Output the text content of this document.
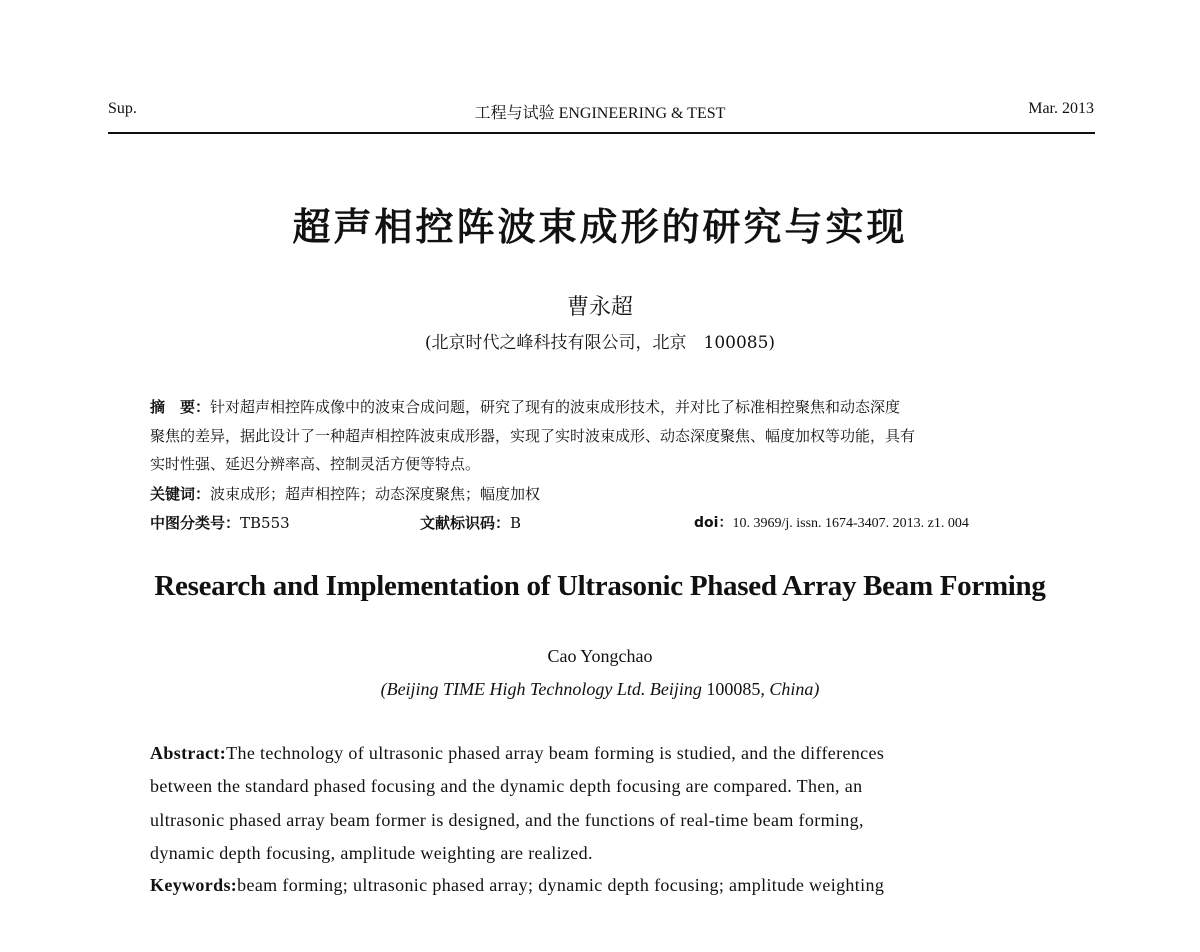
Sup.	工程与试验 ENGINEERING & TEST	Mar. 2013
超声相控阵波束成形的研究与实现
曹永超
(北京时代之峰科技有限公司，北京　100085)
摘　要：针对超声相控阵成像中的波束合成问题，研究了现有的波束成形技术，并对比了标准相控聚焦和动态深度
聚焦的差异，据此设计了一种超声相控阵波束成形器，实现了实时波束成形、动态深度聚焦、幅度加权等功能，具有
实时性强、延迟分辨率高、控制灵活方便等特点。
关键词：波束成形；超声相控阵；动态深度聚焦；幅度加权
中图分类号：TB553	文献标识码：B	doi：10. 3969/j. issn. 1674-3407. 2013. z1. 004
Research and Implementation of Ultrasonic Phased Array Beam Forming
Cao Yongchao
(Beijing TIME High Technology Ltd. Beijing 100085, China)
Abstract:The technology of ultrasonic phased array beam forming is studied, and the differences
between the standard phased focusing and the dynamic depth focusing are compared. Then, an
ultrasonic phased array beam former is designed, and the functions of real-time beam forming,
dynamic depth focusing, amplitude weighting are realized.
Keywords:beam forming; ultrasonic phased array; dynamic depth focusing; amplitude weighting
